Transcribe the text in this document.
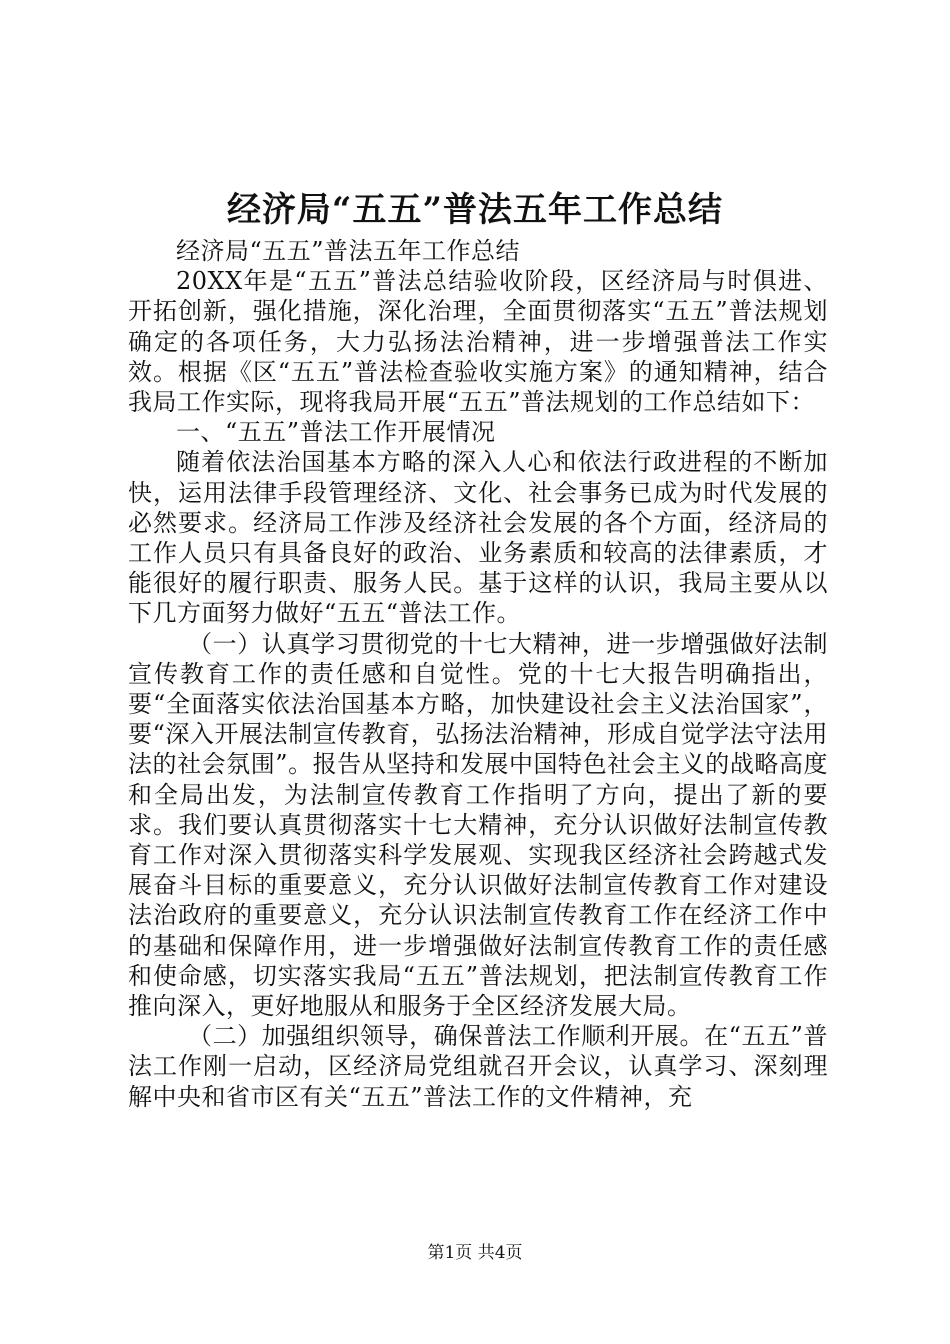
经济局“五五”普法五年工作总结

经济局“五五”普法五年工作总结

20XX年是“五五”普法总结验收阶段，区经济局与时俱进、开拓创新，强化措施，深化治理，全面贯彻落实“五五”普法规划确定的各项任务，大力弘扬法治精神，进一步增强普法工作实效。根据《区“五五”普法检查验收实施方案》的通知精神，结合我局工作实际，现将我局开展“五五”普法规划的工作总结如下：

一、“五五”普法工作开展情况

随着依法治国基本方略的深入人心和依法行政进程的不断加快，运用法律手段管理经济、文化、社会事务已成为时代发展的必然要求。经济局工作涉及经济社会发展的各个方面，经济局的工作人员只有具备良好的政治、业务素质和较高的法律素质，才能很好的履行职责、服务人民。基于这样的认识，我局主要从以下几方面努力做好“五五“普法工作。

（一）认真学习贯彻党的十七大精神，进一步增强做好法制宣传教育工作的责任感和自觉性。党的十七大报告明确指出，要“全面落实依法治国基本方略，加快建设社会主义法治国家”，要“深入开展法制宣传教育，弘扬法治精神，形成自觉学法守法用法的社会氛围”。报告从坚持和发展中国特色社会主义的战略高度和全局出发，为法制宣传教育工作指明了方向，提出了新的要求。我们要认真贯彻落实十七大精神，充分认识做好法制宣传教育工作对深入贯彻落实科学发展观、实现我区经济社会跨越式发展奋斗目标的重要意义，充分认识做好法制宣传教育工作对建设法治政府的重要意义，充分认识法制宣传教育工作在经济工作中的基础和保障作用，进一步增强做好法制宣传教育工作的责任感和使命感，切实落实我局“五五”普法规划，把法制宣传教育工作推向深入，更好地服从和服务于全区经济发展大局。

（二）加强组织领导，确保普法工作顺利开展。在“五五”普法工作刚一启动，区经济局党组就召开会议，认真学习、深刻理解中央和省市区有关“五五”普法工作的文件精神，充

第1页 共4页
